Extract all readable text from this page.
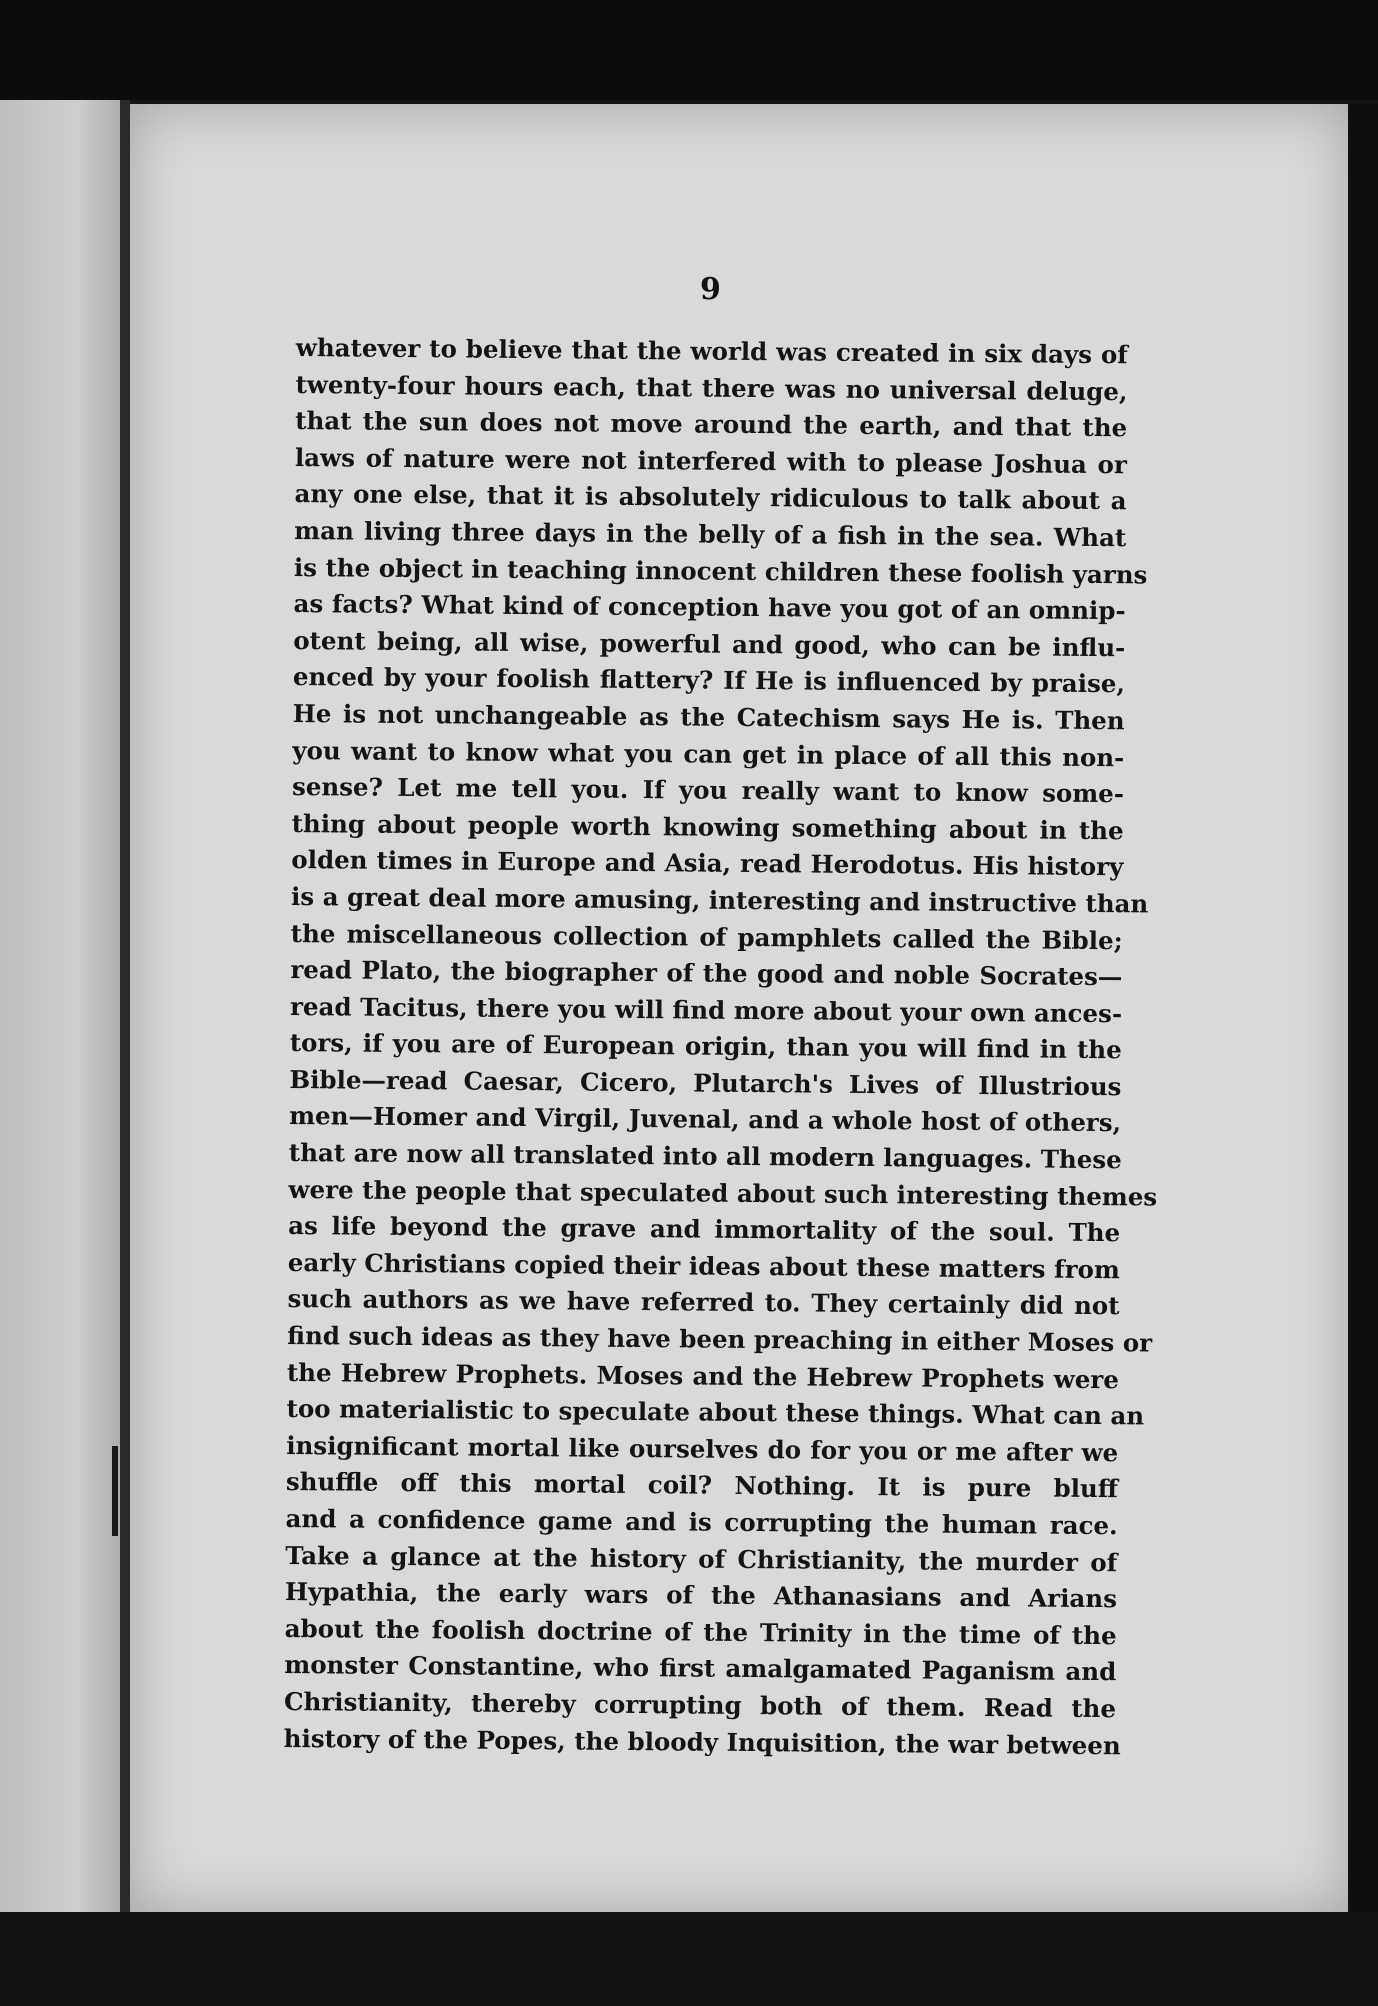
9
whatever to believe that the world was created in six days of
twenty-four hours each, that there was no universal deluge,
that the sun does not move around the earth, and that the
laws of nature were not interfered with to please Joshua or
any one else, that it is absolutely ridiculous to talk about a
man living three days in the belly of a fish in the sea. What
is the object in teaching innocent children these foolish yarns
as facts? What kind of conception have you got of an omnip-
otent being, all wise, powerful and good, who can be influ-
enced by your foolish flattery? If He is influenced by praise,
He is not unchangeable as the Catechism says He is. Then
you want to know what you can get in place of all this non-
sense? Let me tell you. If you really want to know some-
thing about people worth knowing something about in the
olden times in Europe and Asia, read Herodotus. His history
is a great deal more amusing, interesting and instructive than
the miscellaneous collection of pamphlets called the Bible;
read Plato, the biographer of the good and noble Socrates—
read Tacitus, there you will find more about your own ances-
tors, if you are of European origin, than you will find in the
Bible—read Caesar, Cicero, Plutarch's Lives of Illustrious
men—Homer and Virgil, Juvenal, and a whole host of others,
that are now all translated into all modern languages. These
were the people that speculated about such interesting themes
as life beyond the grave and immortality of the soul. The
early Christians copied their ideas about these matters from
such authors as we have referred to. They certainly did not
find such ideas as they have been preaching in either Moses or
the Hebrew Prophets. Moses and the Hebrew Prophets were
too materialistic to speculate about these things. What can an
insignificant mortal like ourselves do for you or me after we
shuffle off this mortal coil? Nothing. It is pure bluff
and a confidence game and is corrupting the human race.
Take a glance at the history of Christianity, the murder of
Hypathia, the early wars of the Athanasians and Arians
about the foolish doctrine of the Trinity in the time of the
monster Constantine, who first amalgamated Paganism and
Christianity, thereby corrupting both of them. Read the
history of the Popes, the bloody Inquisition, the war between
